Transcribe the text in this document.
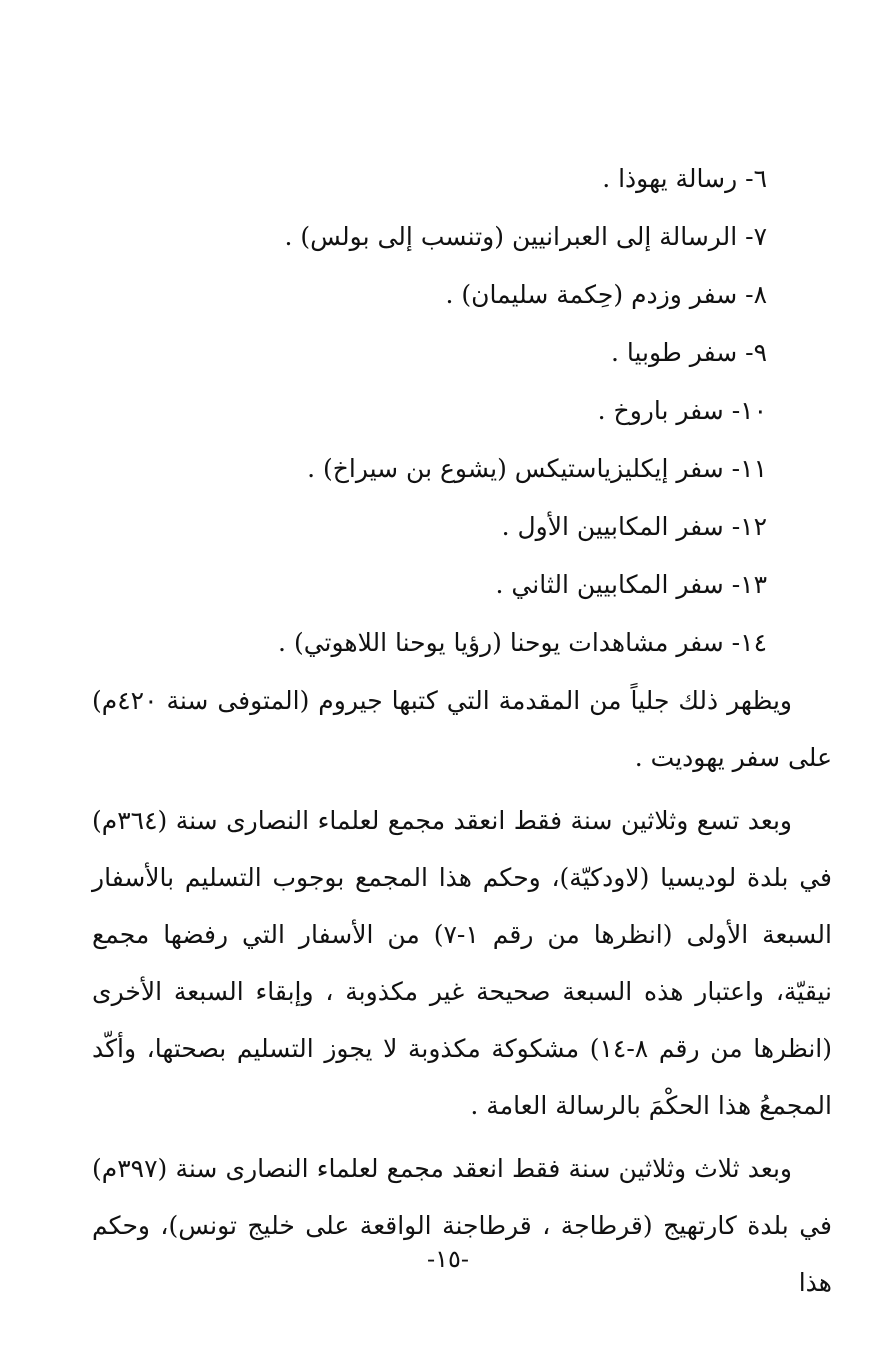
٦- رسالة يهوذا .
٧- الرسالة إلى العبرانيين (وتنسب إلى بولس) .
٨- سفر وزدم (حِكمة سليمان) .
٩- سفر طوبيا .
١٠- سفر باروخ .
١١- سفر إيكليزياستيكس (يشوع بن سيراخ) .
١٢- سفر المكابيين الأول .
١٣- سفر المكابيين الثاني .
١٤- سفر مشاهدات يوحنا (رؤيا يوحنا اللاهوتي) .

ويظهر ذلك جلياً من المقدمة التي كتبها جيروم (المتوفى سنة ٤٢٠م) على سفر يهوديت .

وبعد تسع وثلاثين سنة فقط انعقد مجمع لعلماء النصارى سنة (٣٦٤م) في بلدة لوديسيا (لاودكيّة)، وحكم هذا المجمع بوجوب التسليم بالأسفار السبعة الأولى (انظرها من رقم ١-٧) من الأسفار التي رفضها مجمع نيقيّة، واعتبار هذه السبعة صحيحة غير مكذوبة ، وإبقاء السبعة الأخرى (انظرها من رقم ٨-١٤) مشكوكة مكذوبة لا يجوز التسليم بصحتها، وأكّد المجمعُ هذا الحكْمَ بالرسالة العامة .

وبعد ثلاث وثلاثين سنة فقط انعقد مجمع لعلماء النصارى سنة (٣٩٧م) في بلدة كارتهيج (قرطاجة ، قرطاجنة الواقعة على خليج تونس)، وحكم هذا

-١٥-
